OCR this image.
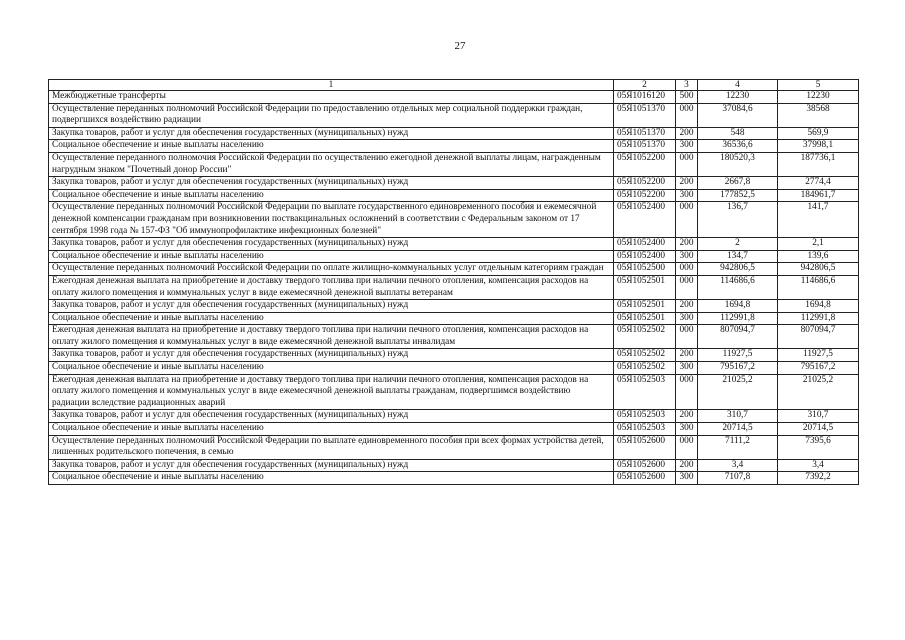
27
1	2	3	4	5
Межбюджетные трансферты	05Я1016120	500	12230	12230
Осуществление переданных полномочий Российской Федерации по предоставлению отдельных мер социальной поддержки граждан, подвергшихся воздействию радиации	05Я1051370	000	37084,6	38568
Закупка товаров, работ и услуг для обеспечения государственных (муниципальных) нужд	05Я1051370	200	548	569,9
Социальное обеспечение и иные выплаты населению	05Я1051370	300	36536,6	37998,1
Осуществление переданного полномочия Российской Федерации по осуществлению ежегодной денежной выплаты лицам, награжденным нагрудным знаком "Почетный донор России"	05Я1052200	000	180520,3	187736,1
Закупка товаров, работ и услуг для обеспечения государственных (муниципальных) нужд	05Я1052200	200	2667,8	2774,4
Социальное обеспечение и иные выплаты населению	05Я1052200	300	177852,5	184961,7
Осуществление переданных полномочий Российской Федерации по выплате государственного единовременного пособия и ежемесячной денежной компенсации гражданам при возникновении поствакцинальных осложнений в соответствии с Федеральным законом от 17 сентября 1998 года № 157-ФЗ "Об иммунопрофилактике инфекционных болезней"	05Я1052400	000	136,7	141,7
Закупка товаров, работ и услуг для обеспечения государственных (муниципальных) нужд	05Я1052400	200	2	2,1
Социальное обеспечение и иные выплаты населению	05Я1052400	300	134,7	139,6
Осуществление переданных полномочий Российской Федерации по оплате жилищно-коммунальных услуг отдельным категориям граждан	05Я1052500	000	942806,5	942806,5
Ежегодная денежная выплата на приобретение и доставку твердого топлива при наличии печного отопления, компенсация расходов на оплату жилого помещения и коммунальных услуг в виде ежемесячной денежной выплаты ветеранам	05Я1052501	000	114686,6	114686,6
Закупка товаров, работ и услуг для обеспечения государственных (муниципальных) нужд	05Я1052501	200	1694,8	1694,8
Социальное обеспечение и иные выплаты населению	05Я1052501	300	112991,8	112991,8
Ежегодная денежная выплата на приобретение и доставку твердого топлива при наличии печного отопления, компенсация расходов на оплату жилого помещения и коммунальных услуг в виде ежемесячной денежной выплаты инвалидам	05Я1052502	000	807094,7	807094,7
Закупка товаров, работ и услуг для обеспечения государственных (муниципальных) нужд	05Я1052502	200	11927,5	11927,5
Социальное обеспечение и иные выплаты населению	05Я1052502	300	795167,2	795167,2
Ежегодная денежная выплата на приобретение и доставку твердого топлива при наличии печного отопления, компенсация расходов на оплату жилого помещения и коммунальных услуг в виде ежемесячной денежной выплаты гражданам, подвергшимся воздействию радиации вследствие радиационных аварий	05Я1052503	000	21025,2	21025,2
Закупка товаров, работ и услуг для обеспечения государственных (муниципальных) нужд	05Я1052503	200	310,7	310,7
Социальное обеспечение и иные выплаты населению	05Я1052503	300	20714,5	20714,5
Осуществление переданных полномочий Российской Федерации по выплате единовременного пособия при всех формах устройства детей, лишенных родительского попечения, в семью	05Я1052600	000	7111,2	7395,6
Закупка товаров, работ и услуг для обеспечения государственных (муниципальных) нужд	05Я1052600	200	3,4	3,4
Социальное обеспечение и иные выплаты населению	05Я1052600	300	7107,8	7392,2
